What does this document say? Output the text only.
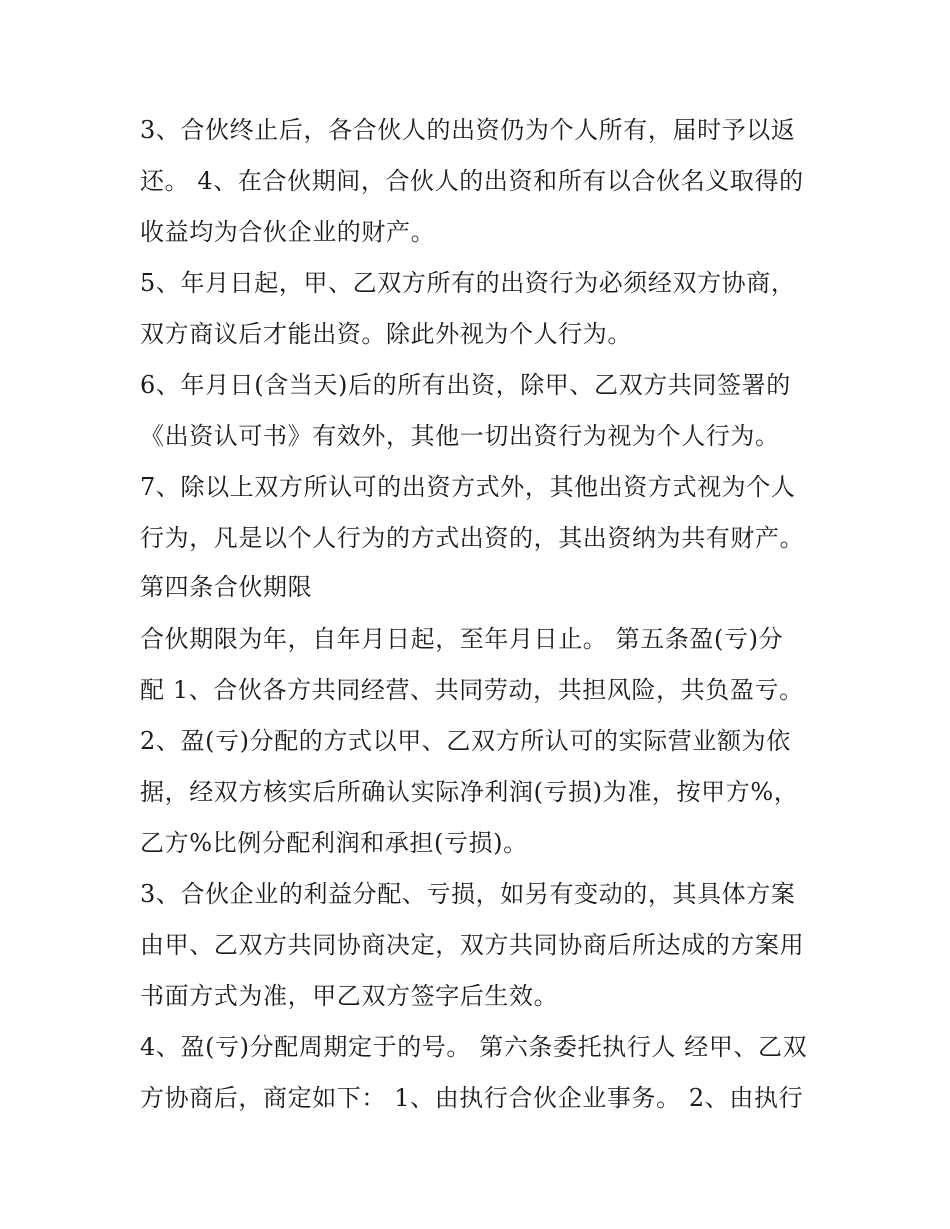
3、合伙终止后，各合伙人的出资仍为个人所有，届时予以返
还。 4、在合伙期间，合伙人的出资和所有以合伙名义取得的
收益均为合伙企业的财产。
5、年月日起，甲、乙双方所有的出资行为必须经双方协商，
双方商议后才能出资。除此外视为个人行为。
6、年月日(含当天)后的所有出资，除甲、乙双方共同签署的
《出资认可书》有效外，其他一切出资行为视为个人行为。
7、除以上双方所认可的出资方式外，其他出资方式视为个人
行为，凡是以个人行为的方式出资的，其出资纳为共有财产。
第四条合伙期限
合伙期限为年，自年月日起，至年月日止。 第五条盈(亏)分
配 1、合伙各方共同经营、共同劳动，共担风险，共负盈亏。
2、盈(亏)分配的方式以甲、乙双方所认可的实际营业额为依
据，经双方核实后所确认实际净利润(亏损)为准，按甲方%，
乙方%比例分配利润和承担(亏损)。
3、合伙企业的利益分配、亏损，如另有变动的，其具体方案
由甲、乙双方共同协商决定，双方共同协商后所达成的方案用
书面方式为准，甲乙双方签字后生效。
4、盈(亏)分配周期定于的号。 第六条委托执行人 经甲、乙双
方协商后，商定如下： 1、由执行合伙企业事务。 2、由执行
